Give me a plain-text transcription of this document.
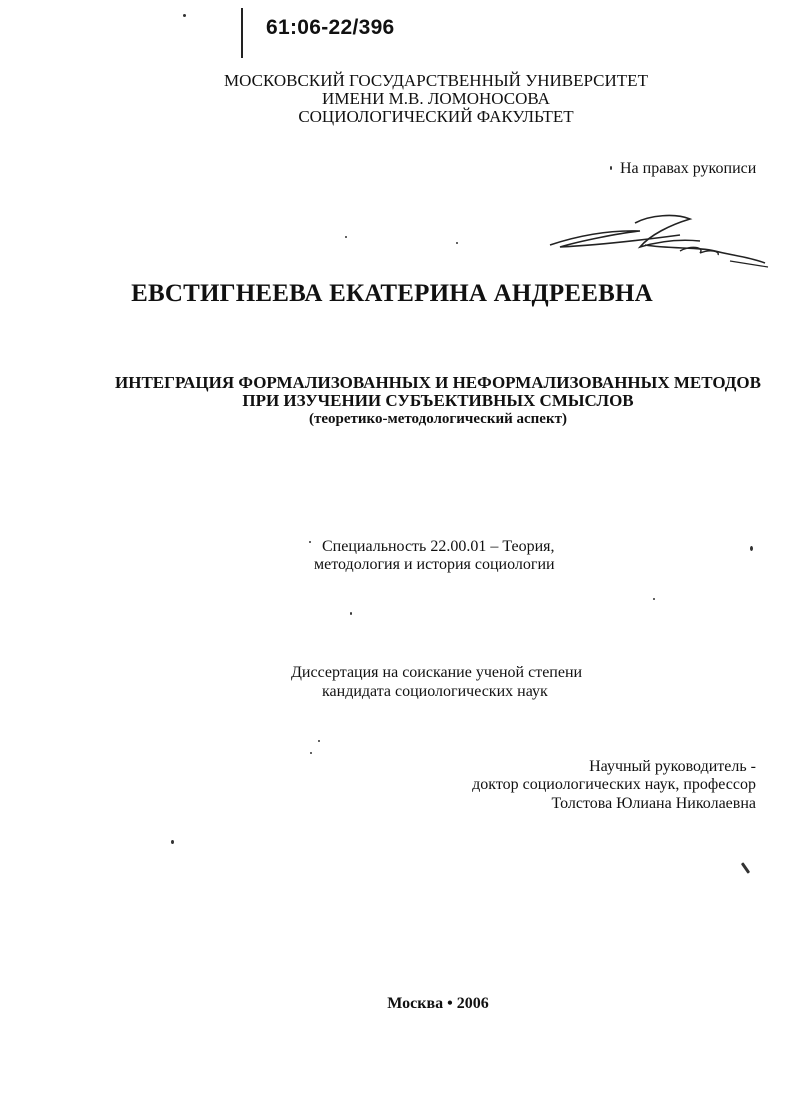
61:06-22/396
МОСКОВСКИЙ ГОСУДАРСТВЕННЫЙ УНИВЕРСИТЕТ
ИМЕНИ М.В. ЛОМОНОСОВА
СОЦИОЛОГИЧЕСКИЙ ФАКУЛЬТЕТ
На правах рукописи
ЕВСТИГНЕЕВА ЕКАТЕРИНА АНДРЕЕВНА
ИНТЕГРАЦИЯ ФОРМАЛИЗОВАННЫХ И НЕФОРМАЛИЗОВАННЫХ МЕТОДОВ
ПРИ ИЗУЧЕНИИ СУБЪЕКТИВНЫХ СМЫСЛОВ
(теоретико-методологический аспект)
Специальность 22.00.01 – Теория,
методология и история социологии
Диссертация на соискание ученой степени
кандидата социологических наук
Научный руководитель -
доктор социологических наук, профессор
Толстова Юлиана Николаевна
Москва • 2006
